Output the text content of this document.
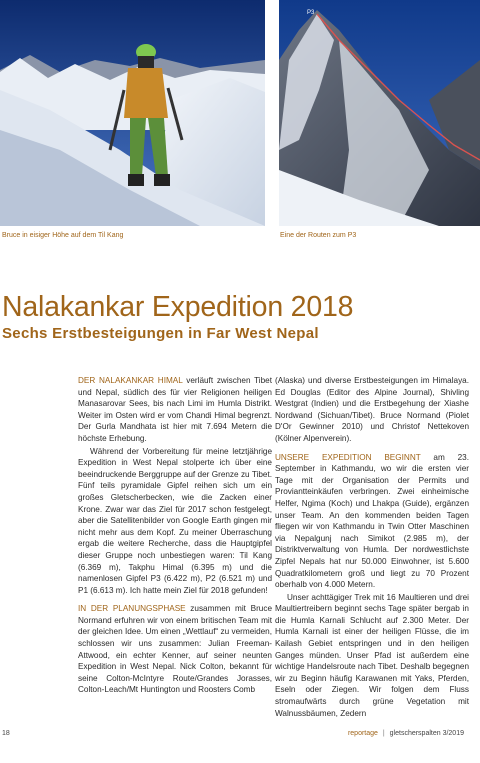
P3
Bruce in eisiger Höhe auf dem Til Kang	Eine der Routen zum P3
Nalakankar Expedition 2018
Sechs Erstbesteigungen in Far West Nepal

DER NALAKANKAR HIMAL verläuft zwischen Tibet und Nepal, südlich des für vier Religionen heiligen Manasarovar Sees, bis nach Limi im Humla Distrikt. Weiter im Osten wird er vom Chandi Himal begrenzt. Der Gurla Mandhata ist hier mit 7.694 Metern die höchste Erhebung.

Während der Vorbereitung für meine letztjährige Expedition in West Nepal stolperte ich über eine beeindruckende Berggruppe auf der Grenze zu Tibet. Fünf teils pyramidale Gipfel reihen sich um ein großes Gletscherbecken, wie die Zacken einer Krone. Zwar war das Ziel für 2017 schon festgelegt, aber die Satellitenbilder von Google Earth gingen mir nicht mehr aus dem Kopf. Zu meiner Überraschung ergab die weitere Recherche, dass die Hauptgipfel dieser Gruppe noch unbestiegen waren: Til Kang (6.369 m), Takphu Himal (6.395 m) und die namenlosen Gipfel P3 (6.422 m), P2 (6.521 m) und P1 (6.613 m). Ich hatte mein Ziel für 2018 gefunden!

IN DER PLANUNGSPHASE zusammen mit Bruce Normand erfuhren wir von einem britischen Team mit der gleichen Idee. Um einen „Wettlauf“ zu vermeiden, schlossen wir uns zusammen: Julian Freeman-Attwood, ein echter Kenner, auf seiner neunten Expedition in West Nepal. Nick Colton, bekannt für seine Colton-McIntyre Route/Grandes Jorasses, Colton-Leach/Mt Huntington und Roosters Comb

(Alaska) und diverse Erstbesteigungen im Himalaya. Ed Douglas (Editor des Alpine Journal), Shivling Westgrat (Indien) und die Erstbegehung der Xiashe Nordwand (Sichuan/Tibet). Bruce Normand (Piolet D'Or Gewinner 2010) und Christof Nettekoven (Kölner Alpenverein).

UNSERE EXPEDITION BEGINNT am 23. September in Kathmandu, wo wir die ersten vier Tage mit der Organisation der Permits und Proviantteinkäufen verbringen. Zwei einheimische Helfer, Ngima (Koch) und Lhakpa (Guide), ergänzen unser Team. An den kommenden beiden Tagen fliegen wir von Kathmandu in Twin Otter Maschinen via Nepalgunj nach Simikot (2.985 m), der Distriktverwaltung von Humla. Der nordwestlichste Zipfel Nepals hat nur 50.000 Einwohner, ist 5.600 Quadratkilometern groß und liegt zu 70 Prozent oberhalb von 4.000 Metern.

Unser achttägiger Trek mit 16 Maultieren und drei Maultiertreibern beginnt sechs Tage später bergab in die Humla Karnali Schlucht auf 2.300 Meter. Der Humla Karnali ist einer der heiligen Flüsse, die im Kailash Gebiet entspringen und in den heiligen Ganges münden. Unser Pfad ist außerdem eine wichtige Handelsroute nach Tibet. Deshalb begegnen wir zu Beginn häufig Karawanen mit Yaks, Pferden, Eseln oder Ziegen. Wir folgen dem Fluss stromaufwärts durch grüne Vegetation mit Walnussbäumen, Zedern

18	reportage | gletscherspalten 3/2019
